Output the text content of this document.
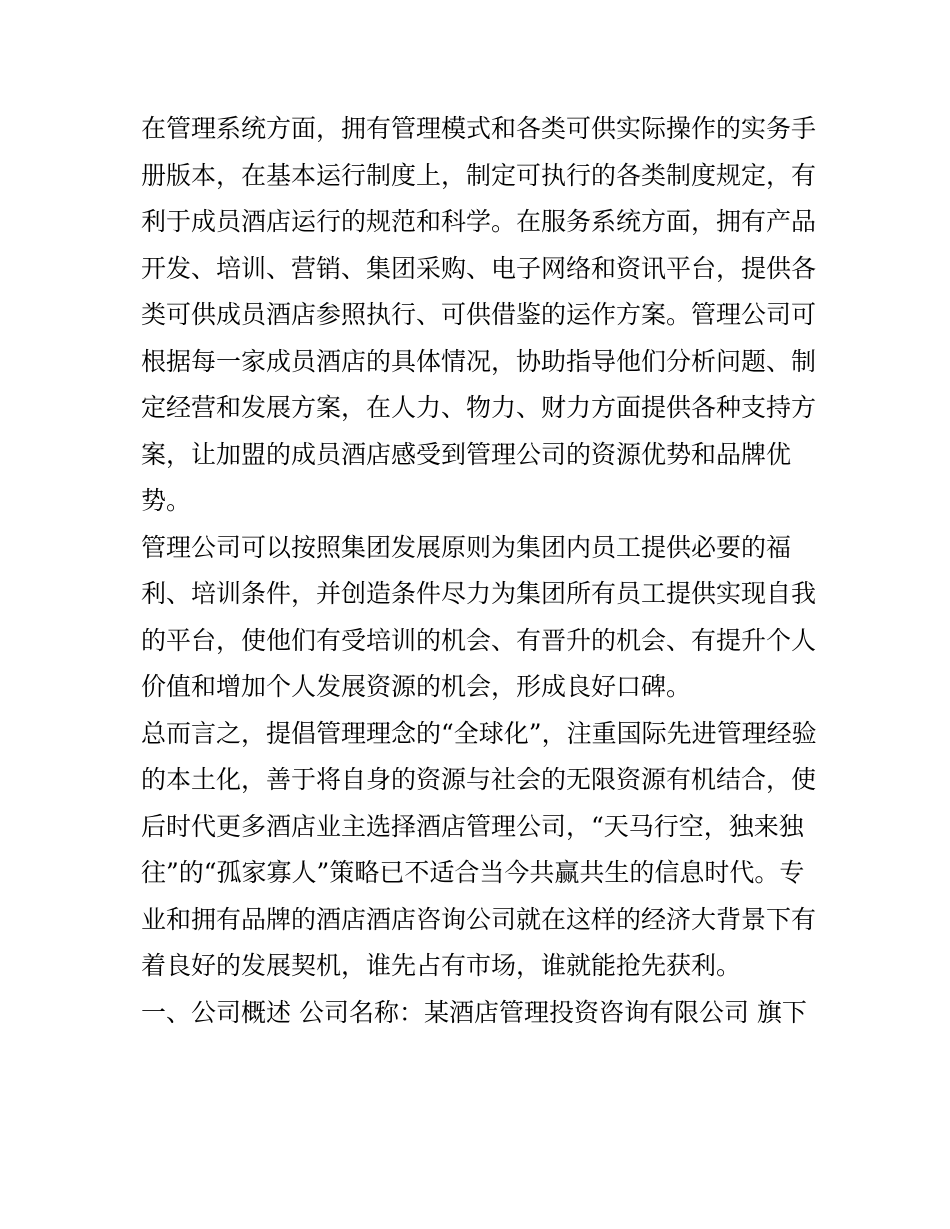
在管理系统方面，拥有管理模式和各类可供实际操作的实务手
册版本，在基本运行制度上，制定可执行的各类制度规定，有
利于成员酒店运行的规范和科学。在服务系统方面，拥有产品
开发、培训、营销、集团采购、电子网络和资讯平台，提供各
类可供成员酒店参照执行、可供借鉴的运作方案。管理公司可
根据每一家成员酒店的具体情况，协助指导他们分析问题、制
定经营和发展方案，在人力、物力、财力方面提供各种支持方
案，让加盟的成员酒店感受到管理公司的资源优势和品牌优
势。
管理公司可以按照集团发展原则为集团内员工提供必要的福
利、培训条件，并创造条件尽力为集团所有员工提供实现自我
的平台，使他们有受培训的机会、有晋升的机会、有提升个人
价值和增加个人发展资源的机会，形成良好口碑。
总而言之，提倡管理理念的“全球化”，注重国际先进管理经验
的本土化，善于将自身的资源与社会的无限资源有机结合，使
后时代更多酒店业主选择酒店管理公司，“天马行空，独来独
往”的“孤家寡人”策略已不适合当今共赢共生的信息时代。专
业和拥有品牌的酒店酒店咨询公司就在这样的经济大背景下有
着良好的发展契机，谁先占有市场，谁就能抢先获利。
一、公司概述 公司名称：某酒店管理投资咨询有限公司 旗下
